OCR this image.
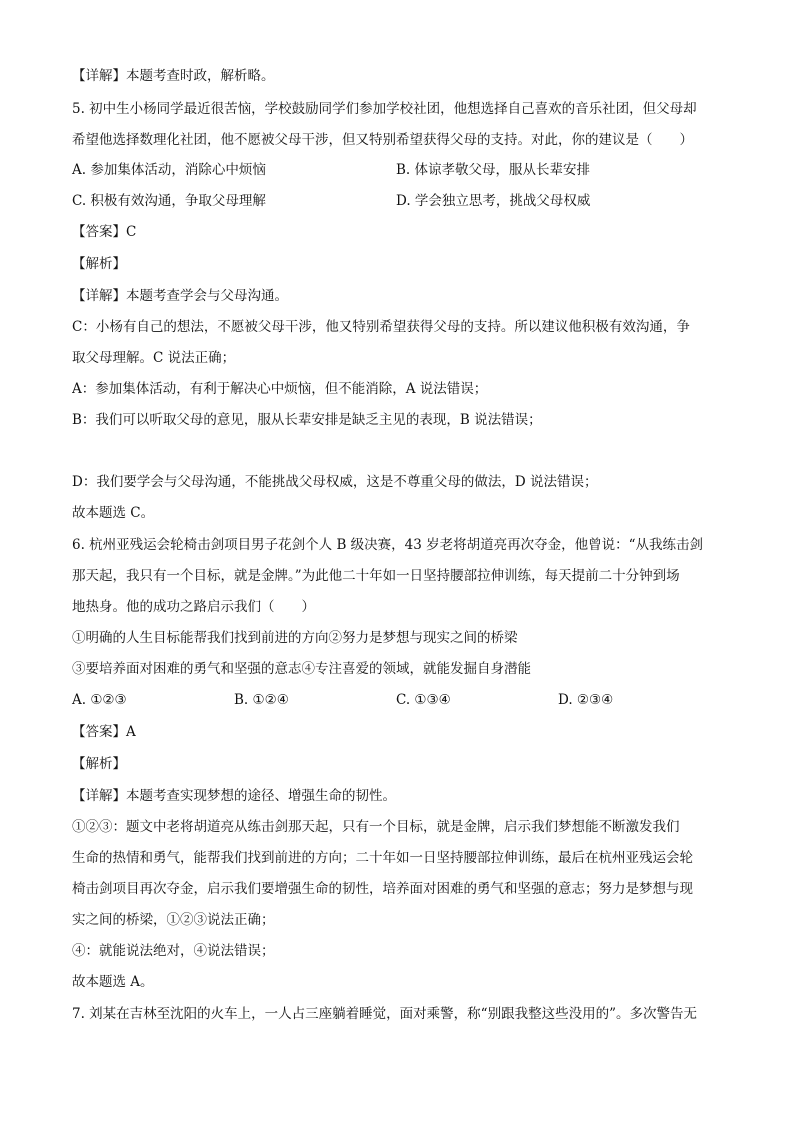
【详解】本题考查时政，解析略。
5. 初中生小杨同学最近很苦恼，学校鼓励同学们参加学校社团，他想选择自己喜欢的音乐社团，但父母却
希望他选择数理化社团，他不愿被父母干涉，但又特别希望获得父母的支持。对此，你的建议是（　　）
A. 参加集体活动，消除心中烦恼	B. 体谅孝敬父母，服从长辈安排
C. 积极有效沟通，争取父母理解	D. 学会独立思考，挑战父母权威
【答案】C
【解析】
【详解】本题考查学会与父母沟通。
C：小杨有自己的想法，不愿被父母干涉，他又特别希望获得父母的支持。所以建议他积极有效沟通，争
取父母理解。C 说法正确；
A：参加集体活动，有利于解决心中烦恼，但不能消除，A 说法错误；
B：我们可以听取父母的意见，服从长辈安排是缺乏主见的表现，B 说法错误；
D：我们要学会与父母沟通，不能挑战父母权威，这是不尊重父母的做法，D 说法错误；
故本题选 C。
6. 杭州亚残运会轮椅击剑项目男子花剑个人 B 级决赛，43 岁老将胡道亮再次夺金，他曾说：“从我练击剑
那天起，我只有一个目标，就是金牌。”为此他二十年如一日坚持腰部拉伸训练，每天提前二十分钟到场
地热身。他的成功之路启示我们（　　）
①明确的人生目标能帮我们找到前进的方向②努力是梦想与现实之间的桥梁
③要培养面对困难的勇气和坚强的意志④专注喜爱的领域，就能发掘自身潜能
A. ①②③	B. ①②④	C. ①③④	D. ②③④
【答案】A
【解析】
【详解】本题考查实现梦想的途径、增强生命的韧性。
①②③：题文中老将胡道亮从练击剑那天起，只有一个目标，就是金牌，启示我们梦想能不断激发我们
生命的热情和勇气，能帮我们找到前进的方向；二十年如一日坚持腰部拉伸训练，最后在杭州亚残运会轮
椅击剑项目再次夺金，启示我们要增强生命的韧性，培养面对困难的勇气和坚强的意志；努力是梦想与现
实之间的桥梁，①②③说法正确；
④：就能说法绝对，④说法错误；
故本题选 A。
7. 刘某在吉林至沈阳的火车上，一人占三座躺着睡觉，面对乘警，称“别跟我整这些没用的”。多次警告无
